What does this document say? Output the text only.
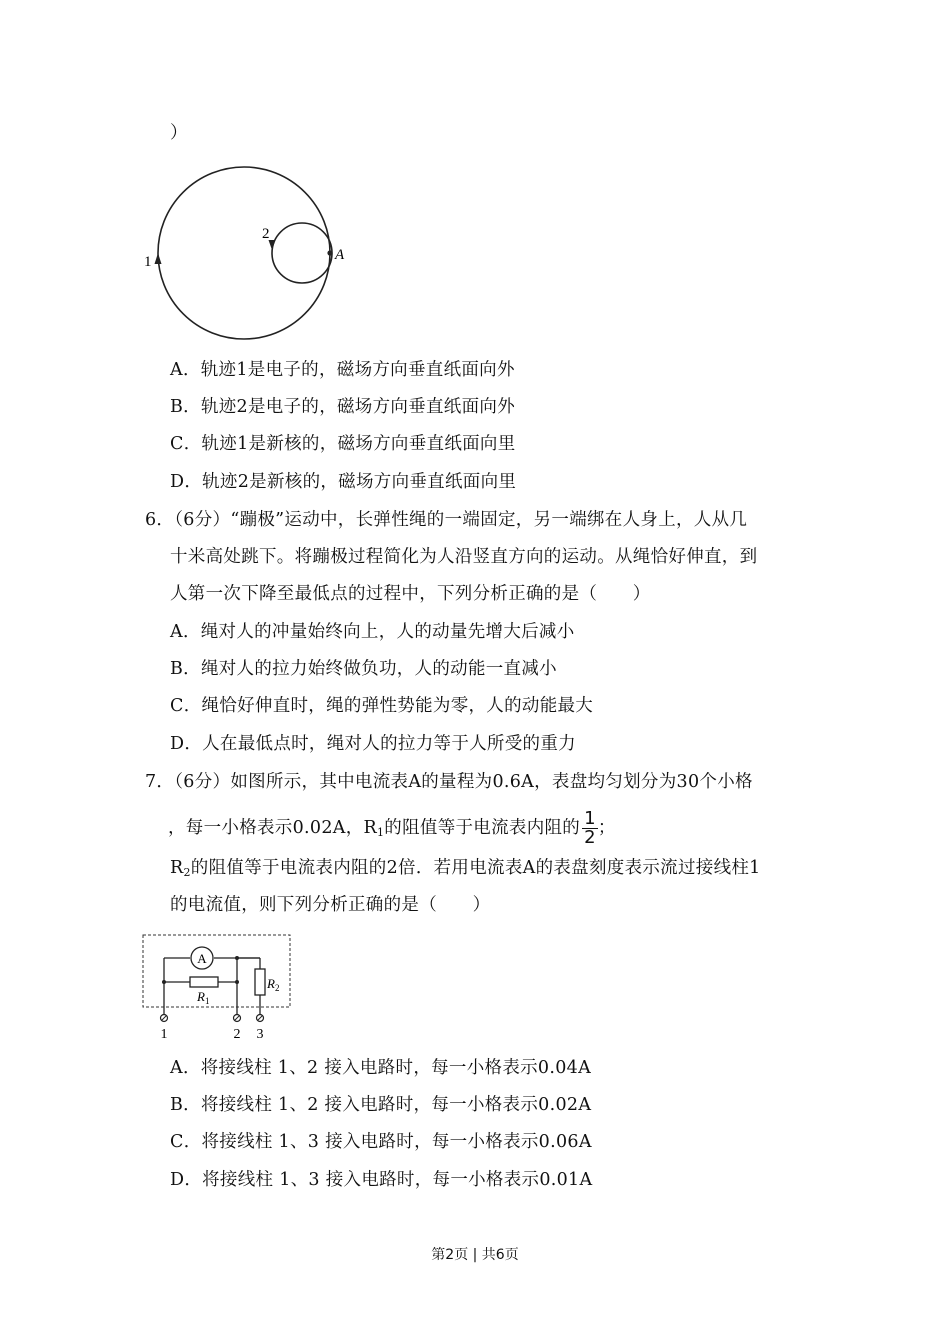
）
1
2
A
A．轨迹1是电子的，磁场方向垂直纸面向外
B．轨迹2是电子的，磁场方向垂直纸面向外
C．轨迹1是新核的，磁场方向垂直纸面向里
D．轨迹2是新核的，磁场方向垂直纸面向里
6．（6分）“蹦极”运动中，长弹性绳的一端固定，另一端绑在人身上，人从几
十米高处跳下。将蹦极过程简化为人沿竖直方向的运动。从绳恰好伸直，到
人第一次下降至最低点的过程中，下列分析正确的是（　　）
A．绳对人的冲量始终向上，人的动量先增大后减小
B．绳对人的拉力始终做负功，人的动能一直减小
C．绳恰好伸直时，绳的弹性势能为零，人的动能最大
D．人在最低点时，绳对人的拉力等于人所受的重力
7．（6分）如图所示，其中电流表A的量程为0.6A，表盘均匀划分为30个小格
，每一小格表示0.02A，$R_1$的阻值等于电流表内阻的 $\frac{1}{2}$ ；
$R_2$的阻值等于电流表内阻的2倍．若用电流表A的表盘刻度表示流过接线柱1
的电流值，则下列分析正确的是（　　）
A
$R_1$
$R_2$
1	2 3
A．将接线柱 1、2 接入电路时，每一小格表示0.04A
B．将接线柱 1、2 接入电路时，每一小格表示0.02A
C．将接线柱 1、3 接入电路时，每一小格表示0.06A
D．将接线柱 1、3 接入电路时，每一小格表示0.01A
第2页 | 共6页
